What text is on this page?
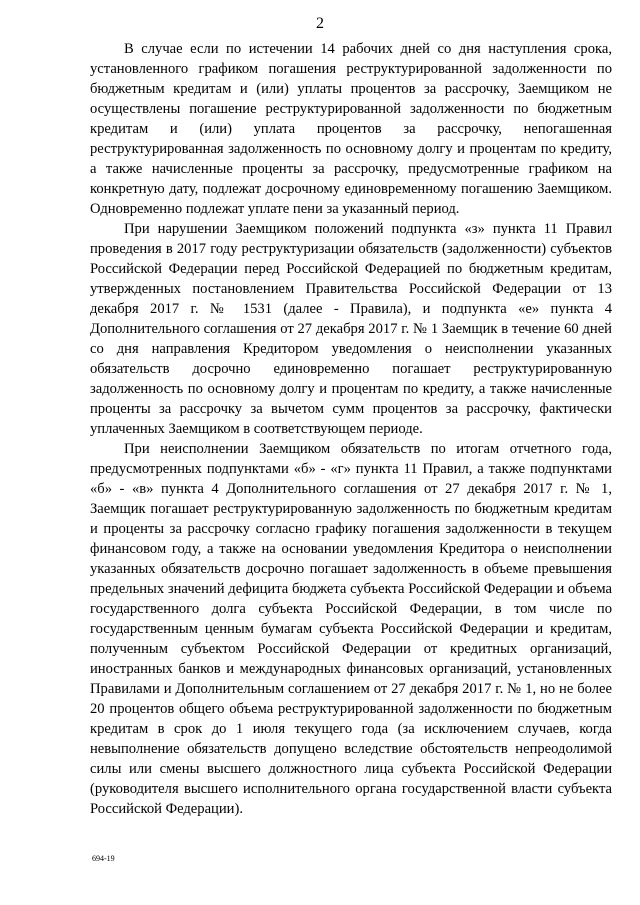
2

В случае если по истечении 14 рабочих дней со дня наступления срока, установленного графиком погашения реструктурированной задолженности по бюджетным кредитам и (или) уплаты процентов за рассрочку, Заемщиком не осуществлены погашение реструктурированной задолженности по бюджетным кредитам и (или) уплата процентов за рассрочку, непогашенная реструктурированная задолженность по основному долгу и процентам по кредиту, а также начисленные проценты за рассрочку, предусмотренные графиком на конкретную дату, подлежат досрочному единовременному погашению Заемщиком. Одновременно подлежат уплате пени за указанный период.

При нарушении Заемщиком положений подпункта «з» пункта 11 Правил проведения в 2017 году реструктуризации обязательств (задолженности) субъектов Российской Федерации перед Российской Федерацией по бюджетным кредитам, утвержденных постановлением Правительства Российской Федерации от 13 декабря 2017 г. № 1531 (далее - Правила), и подпункта «е» пункта 4 Дополнительного соглашения от 27 декабря 2017 г. № 1 Заемщик в течение 60 дней со дня направления Кредитором уведомления о неисполнении указанных обязательств досрочно единовременно погашает реструктурированную задолженность по основному долгу и процентам по кредиту, а также начисленные проценты за рассрочку за вычетом сумм процентов за рассрочку, фактически уплаченных Заемщиком в соответствующем периоде.

При неисполнении Заемщиком обязательств по итогам отчетного года, предусмотренных подпунктами «б» - «г» пункта 11 Правил, а также подпунктами «б» - «в» пункта 4 Дополнительного соглашения от 27 декабря 2017 г. № 1, Заемщик погашает реструктурированную задолженность по бюджетным кредитам и проценты за рассрочку согласно графику погашения задолженности в текущем финансовом году, а также на основании уведомления Кредитора о неисполнении указанных обязательств досрочно погашает задолженность в объеме превышения предельных значений дефицита бюджета субъекта Российской Федерации и объема государственного долга субъекта Российской Федерации, в том числе по государственным ценным бумагам субъекта Российской Федерации и кредитам, полученным субъектом Российской Федерации от кредитных организаций, иностранных банков и международных финансовых организаций, установленных Правилами и Дополнительным соглашением от 27 декабря 2017 г. № 1, но не более 20 процентов общего объема реструктурированной задолженности по бюджетным кредитам в срок до 1 июля текущего года (за исключением случаев, когда невыполнение обязательств допущено вследствие обстоятельств непреодолимой силы или смены высшего должностного лица субъекта Российской Федерации (руководителя высшего исполнительного органа государственной власти субъекта Российской Федерации).

694-19
